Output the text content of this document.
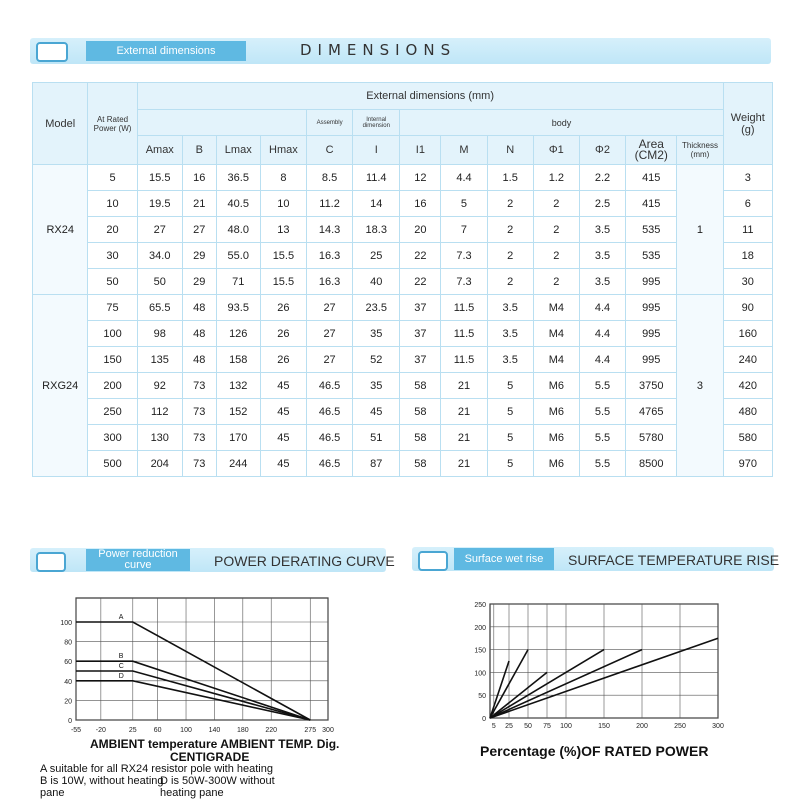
External dimensions	DIMENSIONS
Model	At Rated Power (W)	External dimensions (mm)													Weight (g)
						Assembly	Internal dimension	body							
		Amax	B	Lmax	Hmax	C	I	I1	M	N	Φ1	Φ2	Area (CM2)	Thickness (mm)	
RX24	5	15.5	16	36.5	8	8.5	11.4	12	4.4	1.5	1.2	2.2	415	1	3
	10	19.5	21	40.5	10	11.2	14	16	5	2	2	2.5	415		6
	20	27	27	48.0	13	14.3	18.3	20	7	2	2	3.5	535		11
	30	34.0	29	55.0	15.5	16.3	25	22	7.3	2	2	3.5	535		18
	50	50	29	71	15.5	16.3	40	22	7.3	2	2	3.5	995		30
RXG24	75	65.5	48	93.5	26	27	23.5	37	11.5	3.5	M4	4.4	995	3	90
	100	98	48	126	26	27	35	37	11.5	3.5	M4	4.4	995		160
	150	135	48	158	26	27	52	37	11.5	3.5	M4	4.4	995		240
	200	92	73	132	45	46.5	35	58	21	5	M6	5.5	3750		420
	250	112	73	152	45	46.5	45	58	21	5	M6	5.5	4765		480
	300	130	73	170	45	46.5	51	58	21	5	M6	5.5	5780		580
	500	204	73	244	45	46.5	87	58	21	5	M6	5.5	8500		970
Power reduction curve	POWER DERATING CURVE
-55 -20	25 60	100 140 180 220	275 300
0
20
40
60
80
100
A
B
C
D
AMBIENT temperature AMBIENT TEMP. Dig.
CENTIGRADE
A suitable for all RX24 resistor pole with heating
B is 10W, without heating pane
D is 50W-300W without heating pane
Surface wet rise	SURFACE TEMPERATURE RISE
5 25 50 75 100	150	200	250	300
0
50
100
150
200
250
Percentage (%)OF RATED POWER
